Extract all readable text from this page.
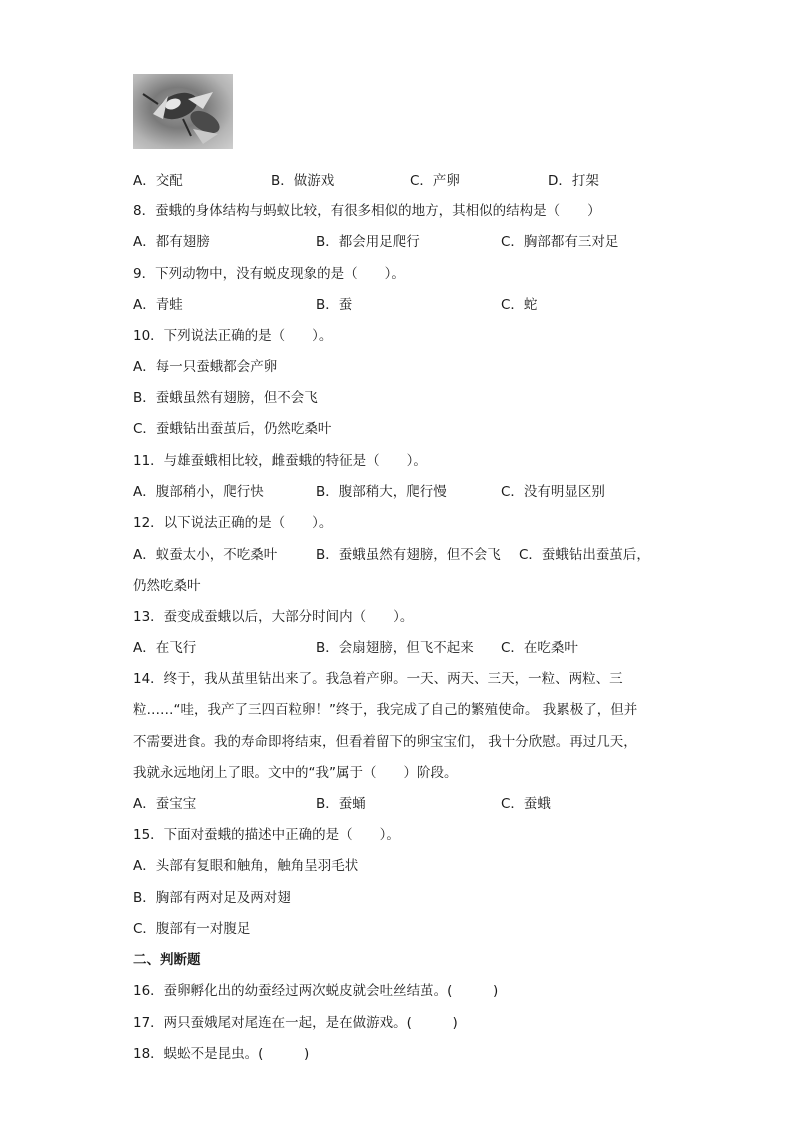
A．交配	B．做游戏	C．产卵	D．打架
8．蚕蛾的身体结构与蚂蚁比较，有很多相似的地方，其相似的结构是（　　）
A．都有翅膀	B．都会用足爬行	C．胸部都有三对足
9．下列动物中，没有蜕皮现象的是（　　）。
A．青蛙	B．蚕	C．蛇
10．下列说法正确的是（　　）。
A．每一只蚕蛾都会产卵
B．蚕蛾虽然有翅膀，但不会飞
C．蚕蛾钻出蚕茧后，仍然吃桑叶
11．与雄蚕蛾相比较，雌蚕蛾的特征是（　　）。
A．腹部稍小，爬行快	B．腹部稍大，爬行慢	C．没有明显区别
12．以下说法正确的是（　　）。
A．蚁蚕太小，不吃桑叶	B．蚕蛾虽然有翅膀，但不会飞 C．蚕蛾钻出蚕茧后，
仍然吃桑叶
13．蚕变成蚕蛾以后，大部分时间内（　　）。
A．在飞行	B．会扇翅膀，但飞不起来 C．在吃桑叶
14．终于，我从茧里钻出来了。我急着产卵。一天、两天、三天，一粒、两粒、三
粒……“哇，我产了三四百粒卵！”终于，我完成了自己的繁殖使命。 我累极了，但并
不需要进食。我的寿命即将结束，但看着留下的卵宝宝们， 我十分欣慰。再过几天，
我就永远地闭上了眼。文中的“我”属于（　　）阶段。
A．蚕宝宝	B．蚕蛹	C．蚕蛾
15．下面对蚕蛾的描述中正确的是（　　）。
A．头部有复眼和触角，触角呈羽毛状
B．胸部有两对足及两对翅
C．腹部有一对腹足
二、判断题
16．蚕卵孵化出的幼蚕经过两次蜕皮就会吐丝结茧。(　　　)
17．两只蚕娥尾对尾连在一起，是在做游戏。(　　　)
18．蜈蚣不是昆虫。(　　　)
